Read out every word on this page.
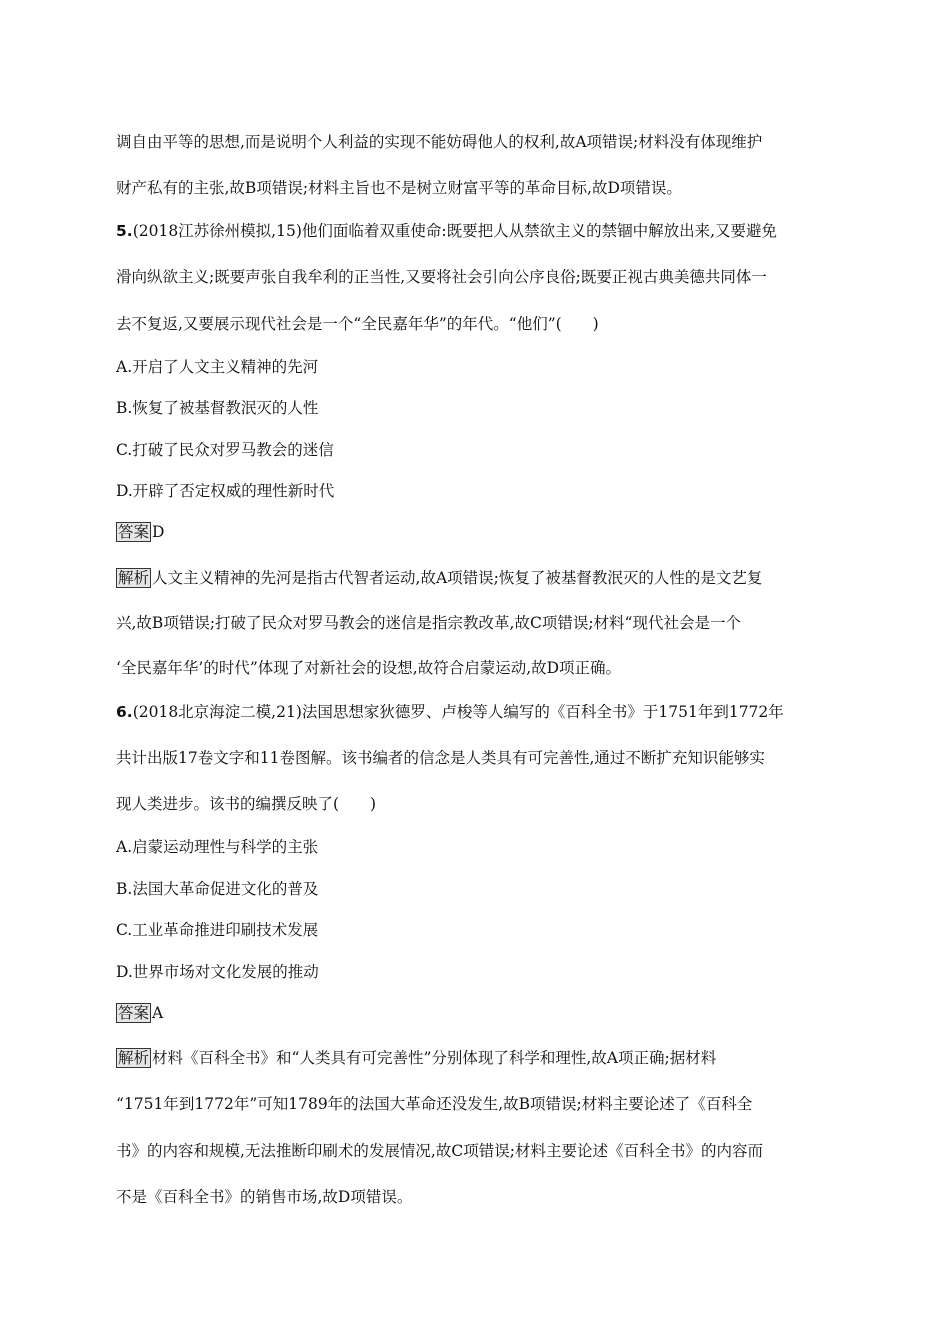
调自由平等的思想,而是说明个人利益的实现不能妨碍他人的权利,故A项错误;材料没有体现维护
财产私有的主张,故B项错误;材料主旨也不是树立财富平等的革命目标,故D项错误。
5.(2018江苏徐州模拟,15)他们面临着双重使命:既要把人从禁欲主义的禁锢中解放出来,又要避免
滑向纵欲主义;既要声张自我牟利的正当性,又要将社会引向公序良俗;既要正视古典美德共同体一
去不复返,又要展示现代社会是一个“全民嘉年华”的年代。“他们”(　　)
A.开启了人文主义精神的先河
B.恢复了被基督教泯灭的人性
C.打破了民众对罗马教会的迷信
D.开辟了否定权威的理性新时代
答案 D
解析 人文主义精神的先河是指古代智者运动,故A项错误;恢复了被基督教泯灭的人性的是文艺复
兴,故B项错误;打破了民众对罗马教会的迷信是指宗教改革,故C项错误;材料“现代社会是一个
‘全民嘉年华’的时代”体现了对新社会的设想,故符合启蒙运动,故D项正确。
6.(2018北京海淀二模,21)法国思想家狄德罗、卢梭等人编写的《百科全书》于1751年到1772年
共计出版17卷文字和11卷图解。该书编者的信念是人类具有可完善性,通过不断扩充知识能够实
现人类进步。该书的编撰反映了(　　)
A.启蒙运动理性与科学的主张
B.法国大革命促进文化的普及
C.工业革命推进印刷技术发展
D.世界市场对文化发展的推动
答案 A
解析 材料《百科全书》和“人类具有可完善性”分别体现了科学和理性,故A项正确;据材料
“1751年到1772年”可知1789年的法国大革命还没发生,故B项错误;材料主要论述了《百科全
书》的内容和规模,无法推断印刷术的发展情况,故C项错误;材料主要论述《百科全书》的内容而
不是《百科全书》的销售市场,故D项错误。
